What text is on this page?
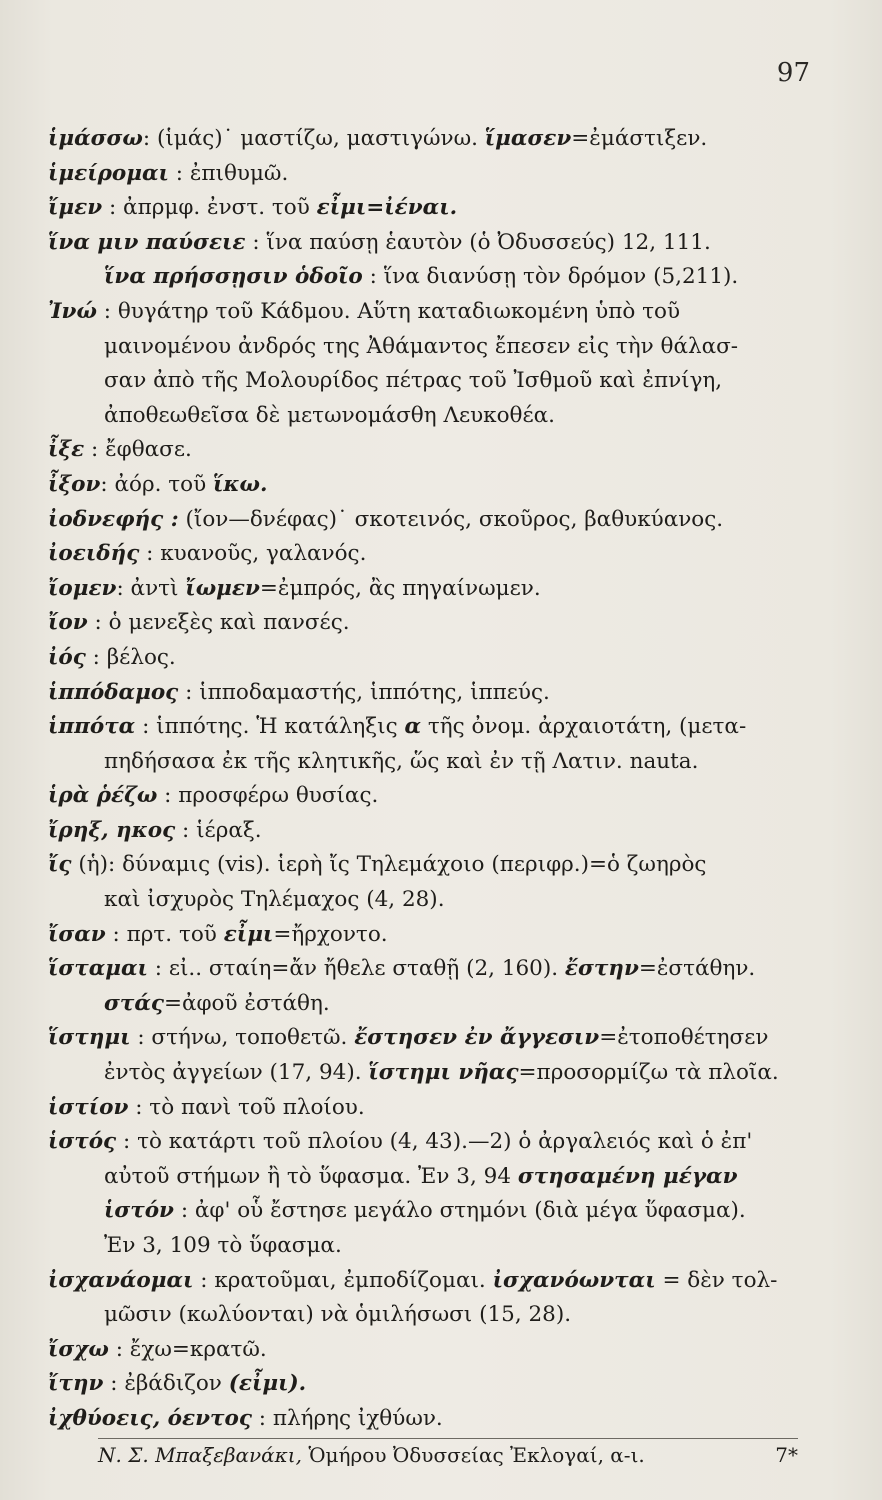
97
ἱμάσσω: (ἱμάς)˙ μαστίζω, μαστιγώνω. ἵμασεν=ἐμάστιξεν.
ἱμείρομαι : ἐπιθυμῶ.
ἴμεν : ἀπρμφ. ἐνστ. τοῦ εἶμι=ἰέναι.
ἵνα μιν παύσειε : ἵνα παύσῃ ἑαυτὸν (ὁ Ὀδυσσεύς) 12, 111.
ἵνα πρήσσῃσιν ὁδοῖο : ἵνα διανύσῃ τὸν δρόμον (5,211).
Ἰνώ : θυγάτηρ τοῦ Κάδμου. Αὕτη καταδιωκομένη ὑπὸ τοῦ
μαινομένου ἀνδρός της Ἀθάμαντος ἔπεσεν εἰς τὴν θάλασ-
σαν ἀπὸ τῆς Μολουρίδος πέτρας τοῦ Ἰσθμοῦ καὶ ἐπνίγη,
ἀποθεωθεῖσα δὲ μετωνομάσθη Λευκοθέα.
ἶξε : ἔφθασε.
ἶξον: ἀόρ. τοῦ ἵκω.
ἰοδνεφής : (ἴον—δνέφας)˙ σκοτεινός, σκοῦρος, βαθυκύανος.
ἰοειδής : κυανοῦς, γαλανός.
ἴομεν: ἀντὶ ἴωμεν=ἐμπρός, ἂς πηγαίνωμεν.
ἴον : ὁ μενεξὲς καὶ πανσές.
ἰός : βέλος.
ἱππόδαμος : ἱπποδαμαστής, ἱππότης, ἱππεύς.
ἱππότα : ἱππότης. Ἡ κατάληξις α τῆς ὀνομ. ἀρχαιοτάτη, (μετα-
πηδήσασα ἐκ τῆς κλητικῆς, ὥς καὶ ἐν τῇ Λατιν. nauta.
ἱρὰ ῥέζω : προσφέρω θυσίας.
ἴρηξ, ηκος : ἱέραξ.
ἴς (ἡ): δύναμις (vis). ἱερὴ ἴς Τηλεμάχοιο (περιφρ.)=ὁ ζωηρὸς
καὶ ἰσχυρὸς Τηλέμαχος (4, 28).
ἴσαν : πρτ. τοῦ εἶμι=ἤρχοντο.
ἵσταμαι : εἰ.. σταίη=ἄν ἤθελε σταθῇ (2, 160). ἔστην=ἐστάθην.
στάς=ἀφοῦ ἐστάθη.
ἵστημι : στήνω, τοποθετῶ. ἔστησεν ἐν ἄγγεσιν=ἐτοποθέτησεν
ἐντὸς ἀγγείων (17, 94). ἵστημι νῆας=προσορμίζω τὰ πλοῖα.
ἱστίον : τὸ πανὶ τοῦ πλοίου.
ἱστός : τὸ κατάρτι τοῦ πλοίου (4, 43).—2) ὁ ἀργαλειός καὶ ὁ ἐπ'
αὐτοῦ στήμων ἢ τὸ ὕφασμα. Ἐν 3, 94 στησαμένη μέγαν
ἱστόν : ἀφ' οὗ ἔστησε μεγάλο στημόνι (διὰ μέγα ὕφασμα).
Ἐν 3, 109 τὸ ὕφασμα.
ἰσχανάομαι : κρατοῦμαι, ἐμποδίζομαι. ἰσχανόωνται = δὲν τολ-
μῶσιν (κωλύονται) νὰ ὁμιλήσωσι (15, 28).
ἴσχω : ἔχω=κρατῶ.
ἴτην : ἐβάδιζον (εἶμι).
ἰχθύοεις, όεντος : πλήρης ἰχθύων.
Ν. Σ. Μπαξεβανάκι, Ὁμήρου Ὀδυσσείας Ἐκλογαί, α-ι.	7*
